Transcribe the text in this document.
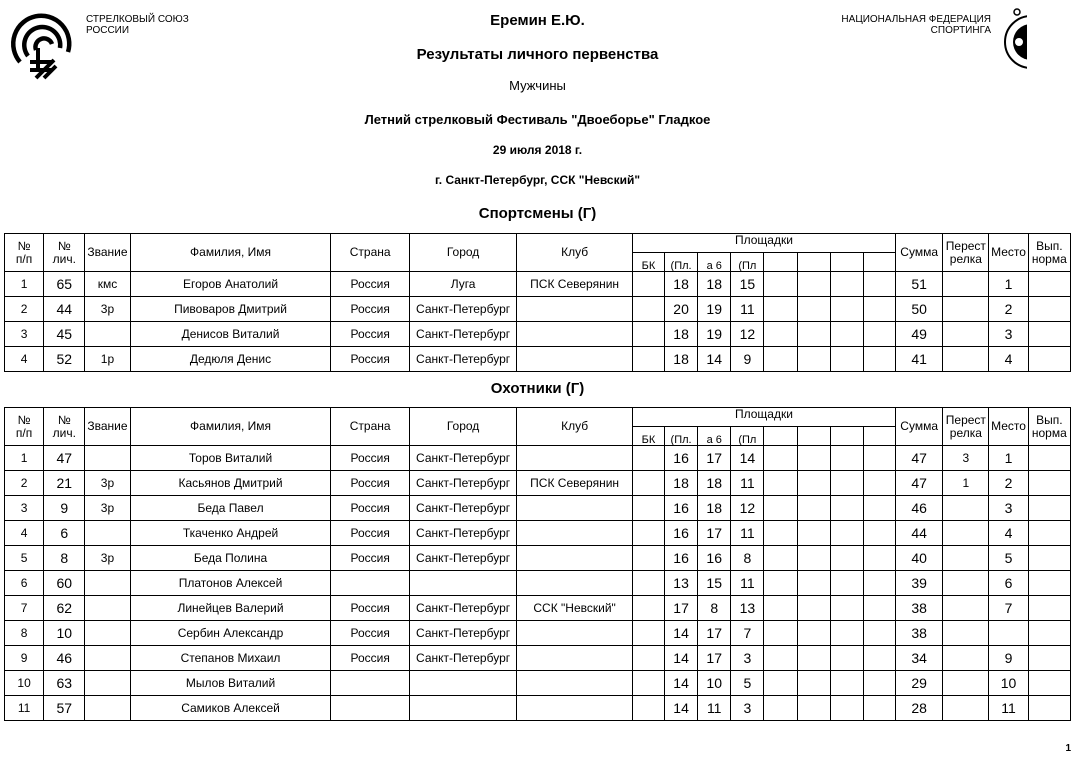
СТРЕЛКОВЫЙ СОЮЗ
РОССИИ
НАЦИОНАЛЬНАЯ ФЕДЕРАЦИЯ
СПОРТИНГА
Еремин Е.Ю.
Результаты личного первенства
Мужчины
Летний стрелковый Фестиваль "Двоеборье" Гладкое
29 июля 2018 г.
г. Санкт-Петербург, ССК "Невский"
Спортсмены (Г)
№
п/п	№
лич.	Звание	Фамилия, Имя	Страна	Город	Клуб	Площадки								Сумма	Перест
релка	Место	Вып.
норма
							БК	(Пл.	а 6	(Пл								
1	65	кмс	Егоров Анатолий	Россия	Луга	ПСК Северянин		18	18	15					51		1	
2	44	3р	Пивоваров Дмитрий	Россия	Санкт-Петербург			20	19	11					50		2	
3	45		Денисов Виталий	Россия	Санкт-Петербург			18	19	12					49		3	
4	52	1р	Дедюля Денис	Россия	Санкт-Петербург			18	14	9					41		4	
Охотники (Г)
№
п/п	№
лич.	Звание	Фамилия, Имя	Страна	Город	Клуб	Площадки								Сумма	Перест
релка	Место	Вып.
норма
							БК	(Пл.	а 6	(Пл								
1	47		Торов Виталий	Россия	Санкт-Петербург			16	17	14					47	3	1	
2	21	3р	Касьянов Дмитрий	Россия	Санкт-Петербург	ПСК Северянин		18	18	11					47	1	2	
3	9	3р	Беда Павел	Россия	Санкт-Петербург			16	18	12					46		3	
4	6		Ткаченко Андрей	Россия	Санкт-Петербург			16	17	11					44		4	
5	8	3р	Беда Полина	Россия	Санкт-Петербург			16	16	8					40		5	
6	60		Платонов Алексей					13	15	11					39		6	
7	62		Линейцев Валерий	Россия	Санкт-Петербург	ССК "Невский"		17	8	13					38		7	
8	10		Сербин Александр	Россия	Санкт-Петербург			14	17	7					38			
9	46		Степанов Михаил	Россия	Санкт-Петербург			14	17	3					34		9	
10	63		Мылов Виталий					14	10	5					29		10	
11	57		Самиков Алексей					14	11	3					28		11	
1
